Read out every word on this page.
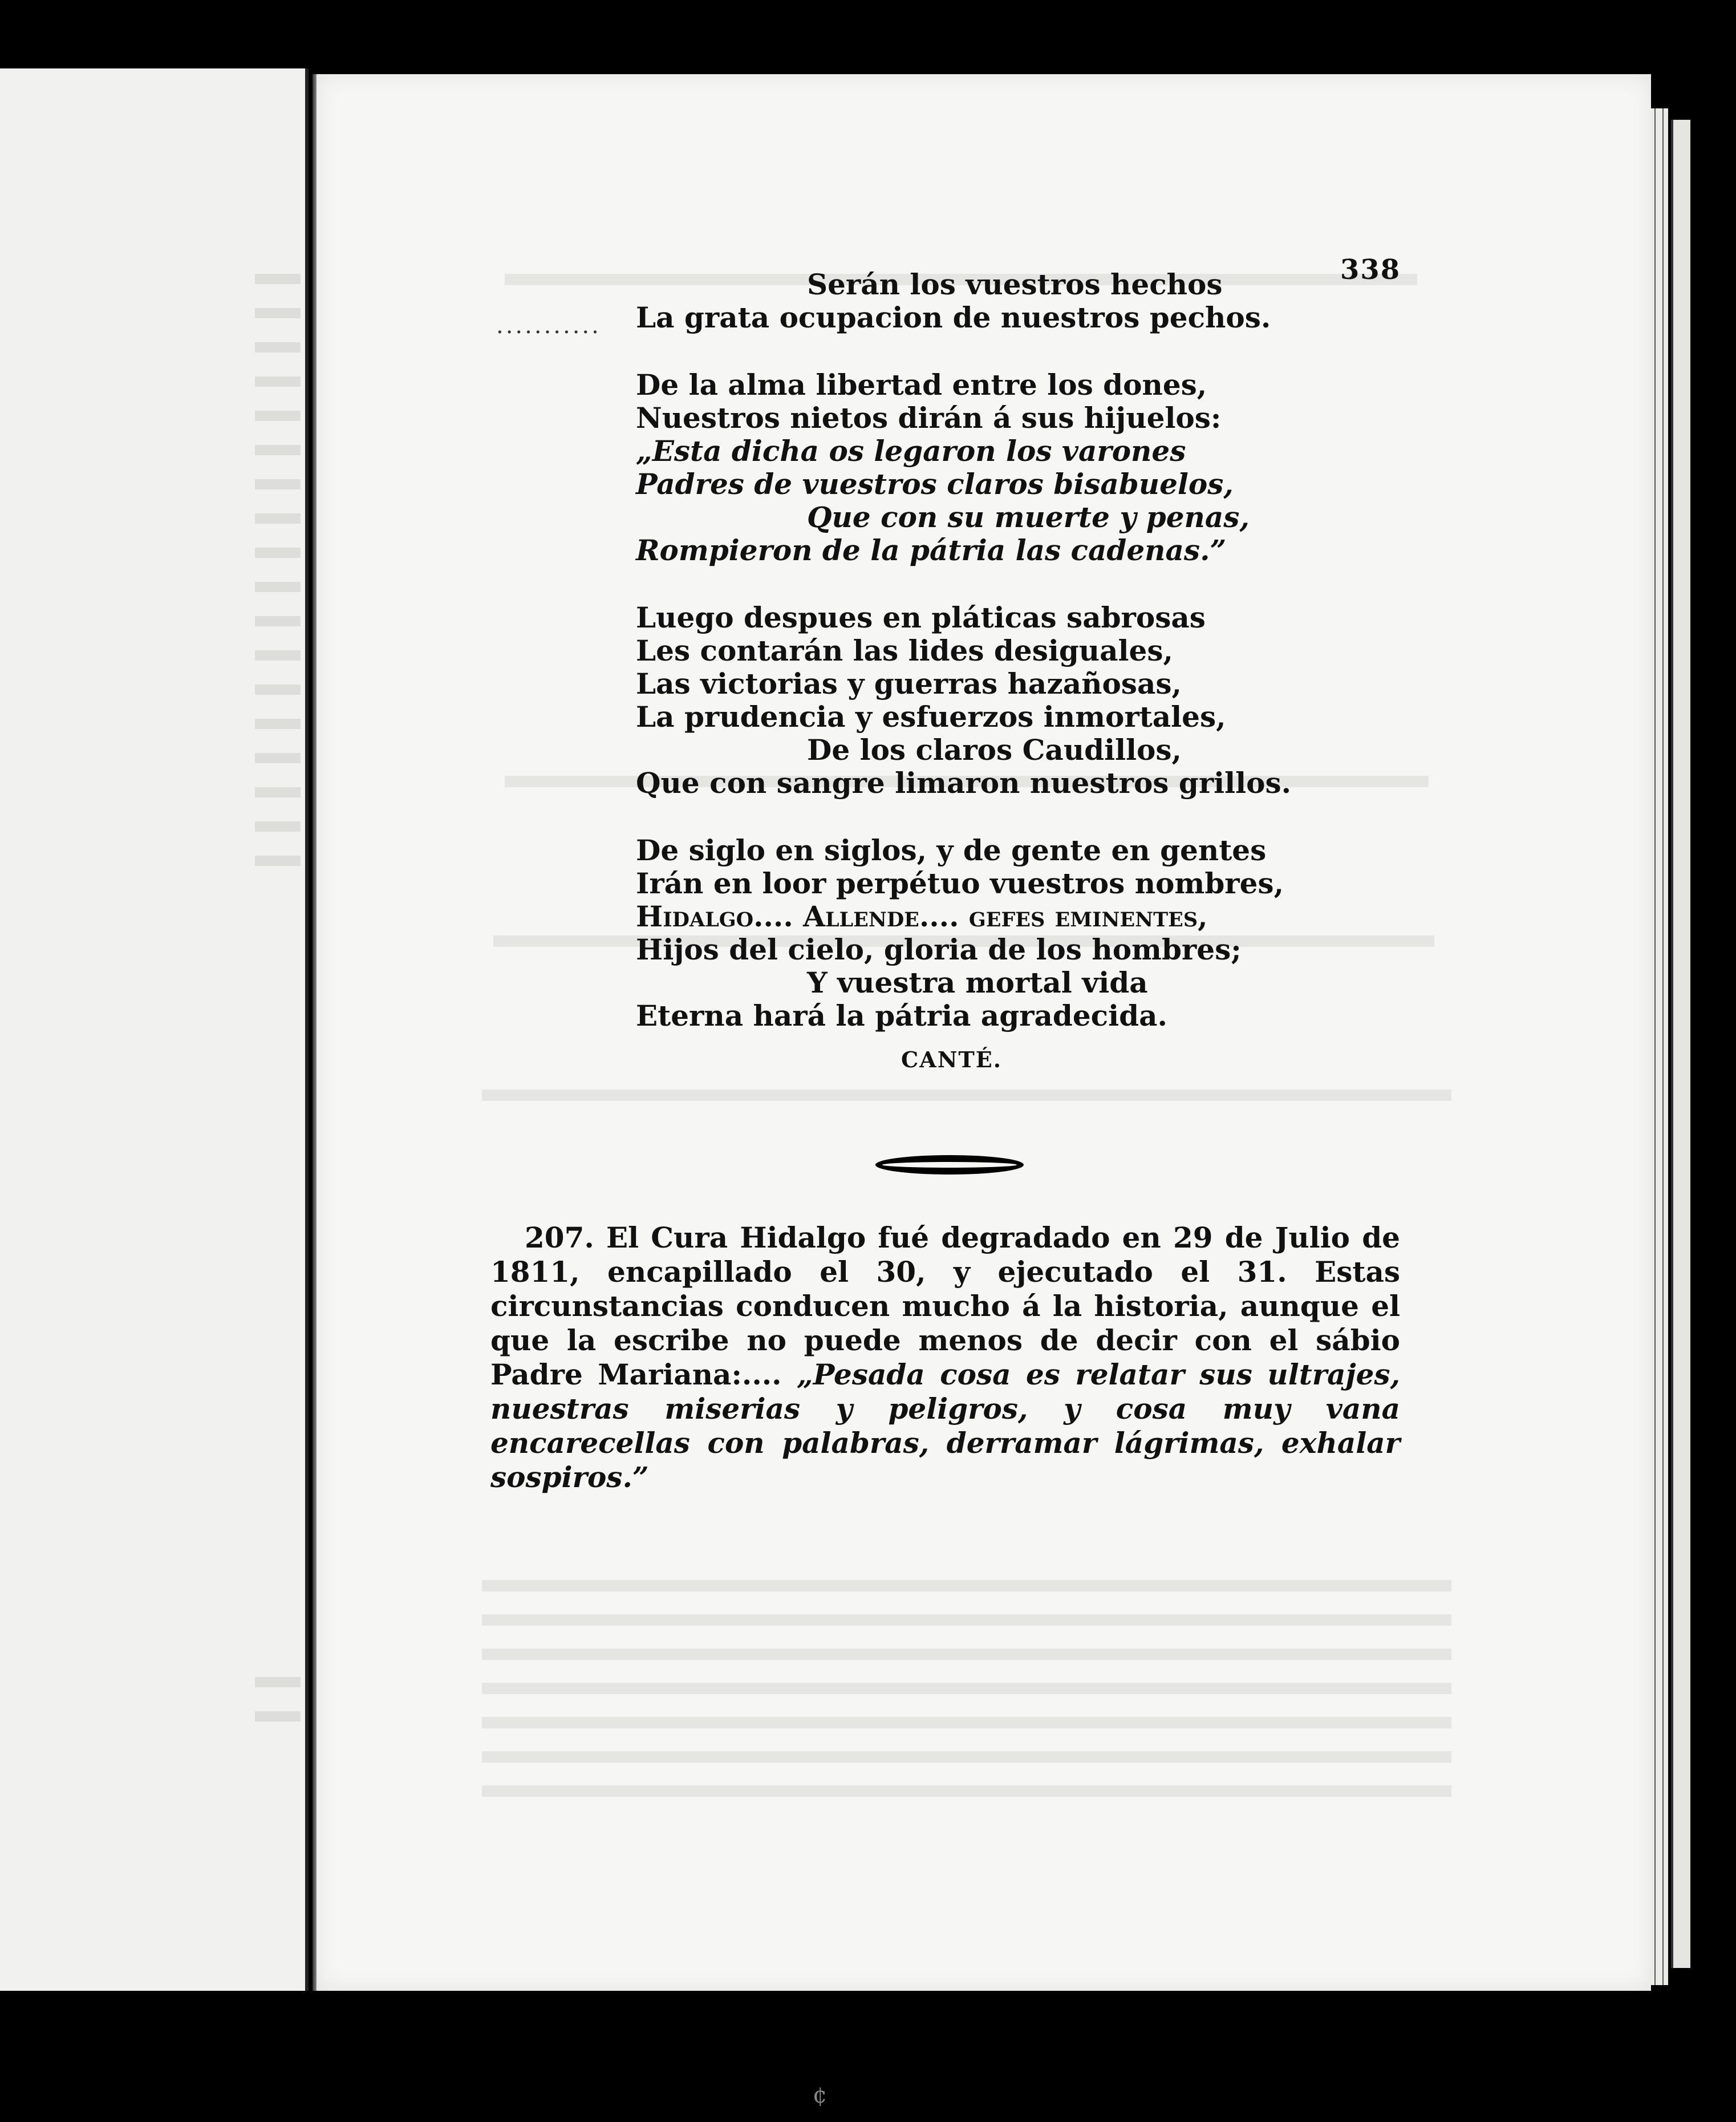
338
...........
Serán los vuestros hechos
La grata ocupacion de nuestros pechos.
De la alma libertad entre los dones,
Nuestros nietos dirán á sus hijuelos:
„Esta dicha os legaron los varones
Padres de vuestros claros bisabuelos,
Que con su muerte y penas,
Rompieron de la pátria las cadenas.”
Luego despues en pláticas sabrosas
Les contarán las lides desiguales,
Las victorias y guerras hazañosas,
La prudencia y esfuerzos inmortales,
De los claros Caudillos,
Que con sangre limaron nuestros grillos.
De siglo en siglos, y de gente en gentes
Irán en loor perpétuo vuestros nombres,
Hidalgo.... Allende.... gefes eminentes,
Hijos del cielo, gloria de los hombres;
Y vuestra mortal vida
Eterna hará la pátria agradecida.
CANTÉ.
207. El Cura Hidalgo fué degradado en 29 de Julio de 1811, encapillado el 30, y ejecutado el 31. Estas circunstancias conducen mucho á la historia, aunque el que la escribe no puede menos de decir con el sábio Padre Mariana:.... „Pesada cosa es relatar sus ultrajes, nuestras miserias y peligros, y cosa muy vana encarecellas con palabras, derramar lágrimas, exhalar sospiros.”
¢
